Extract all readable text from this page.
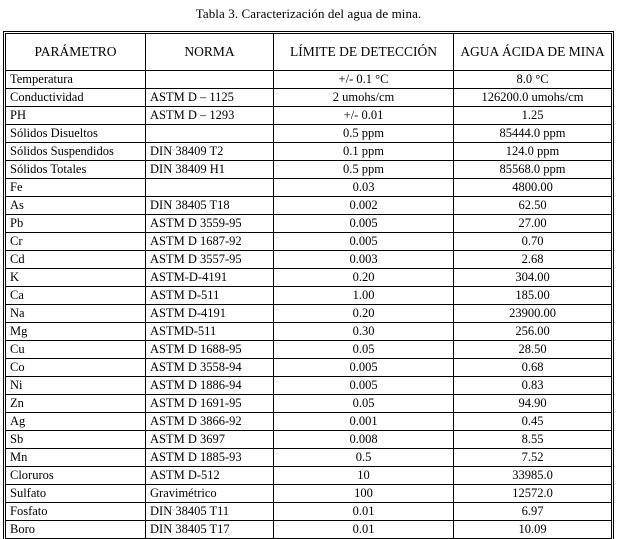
Tabla 3. Caracterización del agua de mina.
PARÁMETRO	NORMA	LÍMITE DE DETECCIÓN	AGUA ÁCIDA DE MINA
Temperatura		+/- 0.1 °C	8.0 °C
Conductividad	ASTM D – 1125	2 umohs/cm	126200.0 umohs/cm
PH	ASTM D – 1293	+/- 0.01	1.25
Sólidos Disueltos		0.5 ppm	85444.0 ppm
Sólidos Suspendidos	DIN 38409 T2	0.1 ppm	124.0 ppm
Sólidos Totales	DIN 38409 H1	0.5 ppm	85568.0 ppm
Fe		0.03	4800.00
As	DIN 38405 T18	0.002	62.50
Pb	ASTM D 3559-95	0.005	27.00
Cr	ASTM D 1687-92	0.005	0.70
Cd	ASTM D 3557-95	0.003	2.68
K	ASTM-D-4191	0.20	304.00
Ca	ASTM D-511	1.00	185.00
Na	ASTM D-4191	0.20	23900.00
Mg	ASTMD-511	0.30	256.00
Cu	ASTM D 1688-95	0.05	28.50
Co	ASTM D 3558-94	0.005	0.68
Ni	ASTM D 1886-94	0.005	0.83
Zn	ASTM D 1691-95	0.05	94.90
Ag	ASTM D 3866-92	0.001	0.45
Sb	ASTM D 3697	0.008	8.55
Mn	ASTM D 1885-93	0.5	7.52
Cloruros	ASTM D-512	10	33985.0
Sulfato	Gravimétrico	100	12572.0
Fosfato	DIN 38405 T11	0.01	6.97
Boro	DIN 38405 T17	0.01	10.09
